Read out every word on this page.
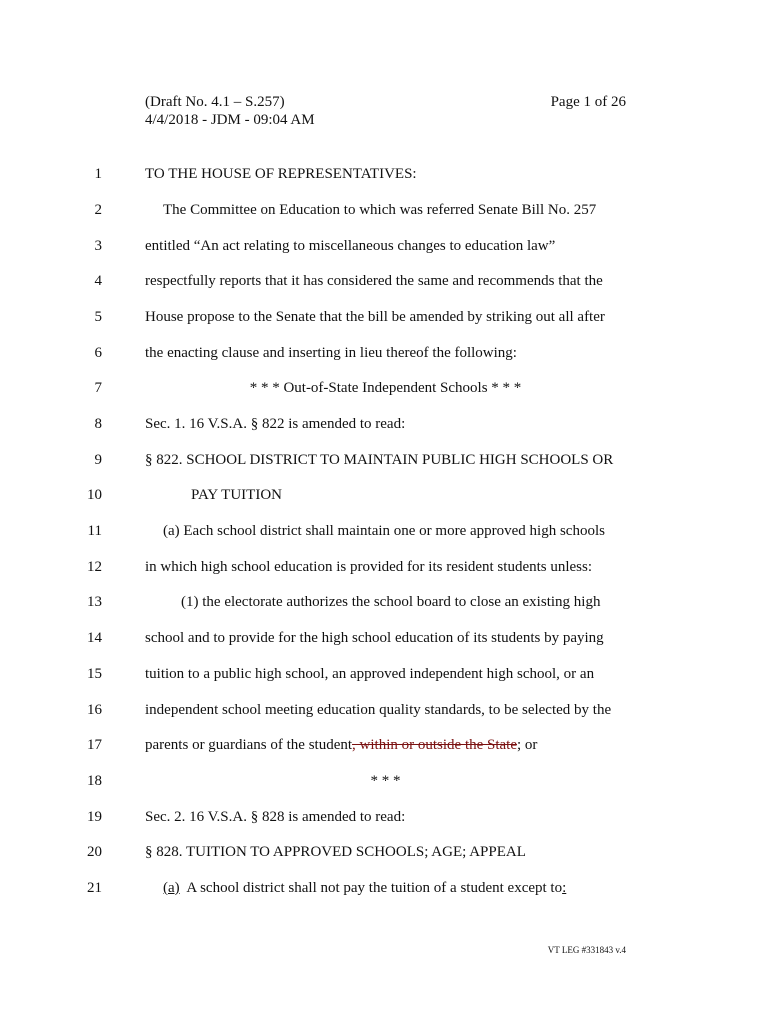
(Draft No. 4.1 – S.257)
4/4/2018 - JDM - 09:04 AM
Page 1 of 26
1	TO THE HOUSE OF REPRESENTATIVES:
2	The Committee on Education to which was referred Senate Bill No. 257
3	entitled “An act relating to miscellaneous changes to education law”
4	respectfully reports that it has considered the same and recommends that the
5	House propose to the Senate that the bill be amended by striking out all after
6	the enacting clause and inserting in lieu thereof the following:
7	* * * Out-of-State Independent Schools * * *
8	Sec. 1. 16 V.S.A. § 822 is amended to read:
9	§ 822. SCHOOL DISTRICT TO MAINTAIN PUBLIC HIGH SCHOOLS OR
10	PAY TUITION
11	(a) Each school district shall maintain one or more approved high schools
12	in which high school education is provided for its resident students unless:
13	(1) the electorate authorizes the school board to close an existing high
14	school and to provide for the high school education of its students by paying
15	tuition to a public high school, an approved independent high school, or an
16	independent school meeting education quality standards, to be selected by the
17	parents or guardians of the student, within or outside the State; or
18	* * *
19	Sec. 2. 16 V.S.A. § 828 is amended to read:
20	§ 828. TUITION TO APPROVED SCHOOLS; AGE; APPEAL
21	(a)  A school district shall not pay the tuition of a student except to:
VT LEG #331843 v.4
